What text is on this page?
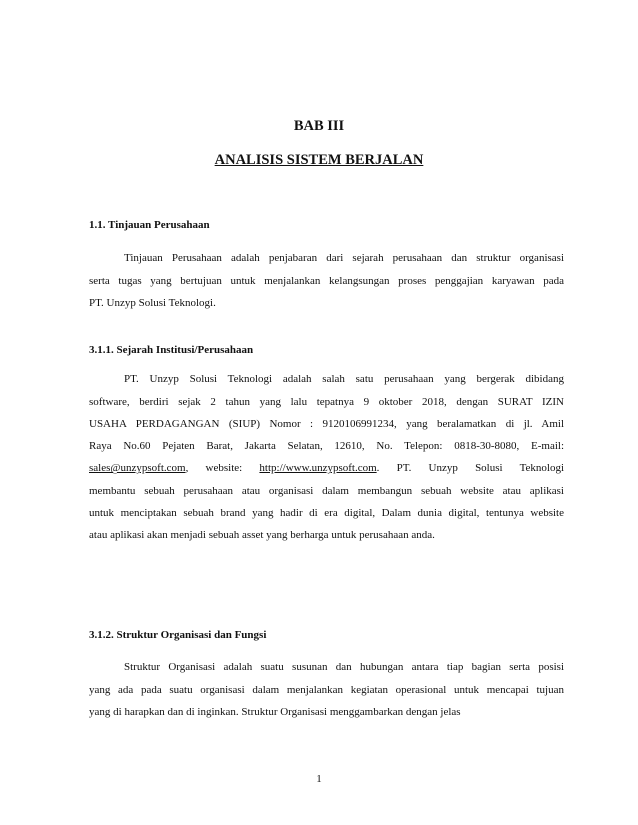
BAB III
ANALISIS SISTEM BERJALAN

1.1. Tinjauan Perusahaan

Tinjauan Perusahaan adalah penjabaran dari sejarah perusahaan dan struktur organisasi
serta tugas yang bertujuan untuk menjalankan kelangsungan proses penggajian karyawan pada
PT. Unzyp Solusi Teknologi.

3.1.1. Sejarah Institusi/Perusahaan

PT. Unzyp Solusi Teknologi adalah salah satu perusahaan yang bergerak dibidang
software, berdiri sejak 2 tahun yang lalu tepatnya 9 oktober 2018, dengan SURAT IZIN
USAHA PERDAGANGAN (SIUP) Nomor : 9120106991234, yang beralamatkan di jl. Amil
Raya No.60 Pejaten Barat, Jakarta Selatan, 12610, No. Telepon: 0818-30-8080, E-mail:
sales@unzypsoft.com, website: http://www.unzypsoft.com. PT. Unzyp Solusi Teknologi
membantu sebuah perusahaan atau organisasi dalam membangun sebuah website atau aplikasi
untuk menciptakan sebuah brand yang hadir di era digital, Dalam dunia digital, tentunya website
atau aplikasi akan menjadi sebuah asset yang berharga untuk perusahaan anda.

3.1.2. Struktur Organisasi dan Fungsi

Struktur Organisasi adalah suatu susunan dan hubungan antara tiap bagian serta posisi
yang ada pada suatu organisasi dalam menjalankan kegiatan operasional untuk mencapai tujuan
yang di harapkan dan di inginkan. Struktur Organisasi menggambarkan dengan jelas
1
